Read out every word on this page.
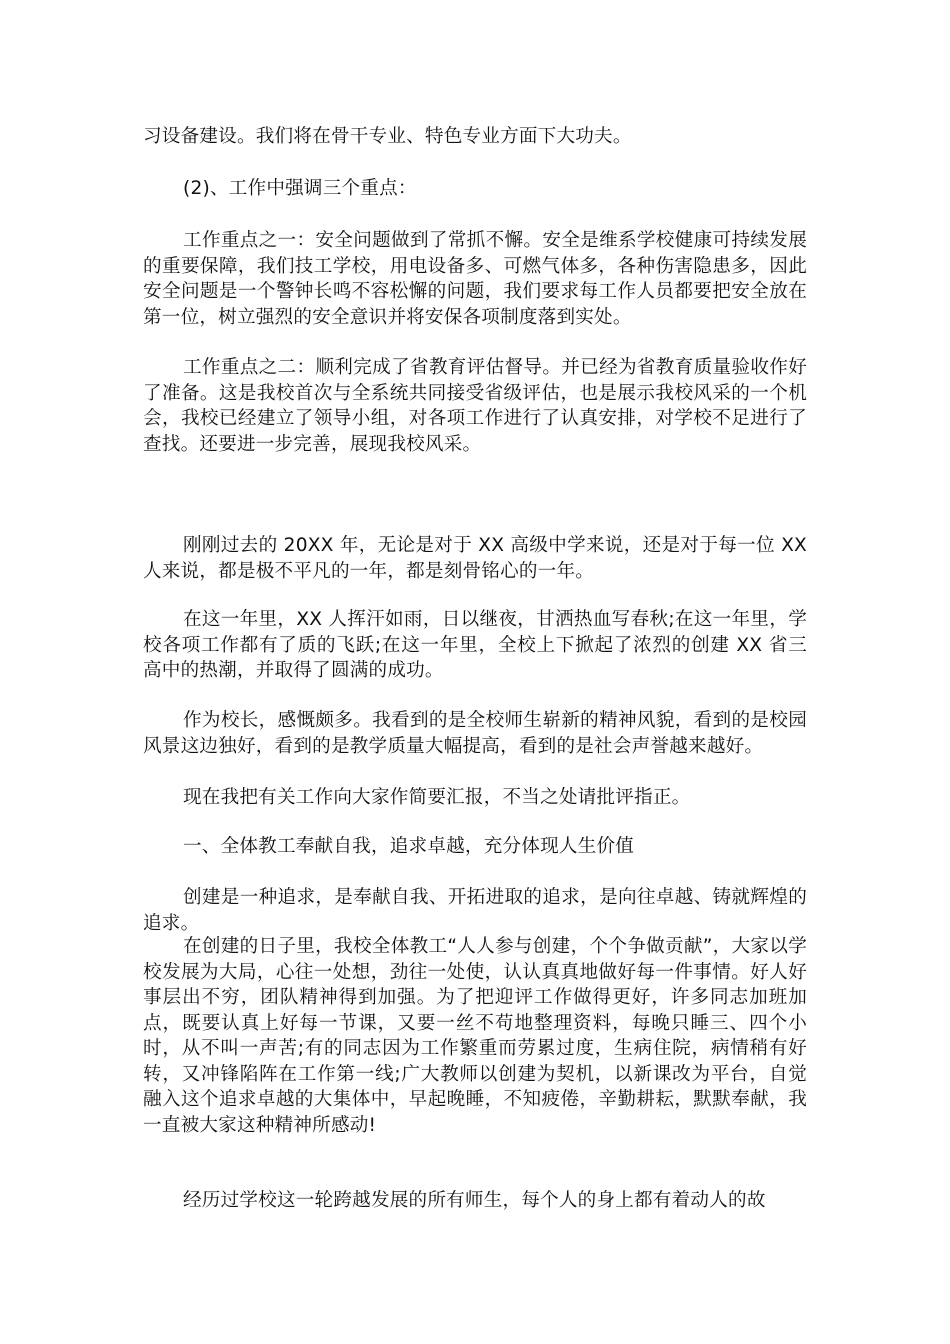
习设备建设。我们将在骨干专业、特色专业方面下大功夫。

(2)、工作中强调三个重点：

工作重点之一：安全问题做到了常抓不懈。安全是维系学校健康可持续发展的重要保障，我们技工学校，用电设备多、可燃气体多，各种伤害隐患多，因此安全问题是一个警钟长鸣不容松懈的问题，我们要求每工作人员都要把安全放在第一位，树立强烈的安全意识并将安保各项制度落到实处。

工作重点之二：顺利完成了省教育评估督导。并已经为省教育质量验收作好了准备。这是我校首次与全系统共同接受省级评估，也是展示我校风采的一个机会，我校已经建立了领导小组，对各项工作进行了认真安排，对学校不足进行了查找。还要进一步完善，展现我校风采。

刚刚过去的 20XX 年，无论是对于 XX 高级中学来说，还是对于每一位 XX 人来说，都是极不平凡的一年，都是刻骨铭心的一年。

在这一年里，XX 人挥汗如雨，日以继夜，甘洒热血写春秋;在这一年里，学校各项工作都有了质的飞跃;在这一年里，全校上下掀起了浓烈的创建 XX 省三高中的热潮，并取得了圆满的成功。

作为校长，感慨颇多。我看到的是全校师生崭新的精神风貌，看到的是校园风景这边独好，看到的是教学质量大幅提高，看到的是社会声誉越来越好。

现在我把有关工作向大家作简要汇报，不当之处请批评指正。

一、全体教工奉献自我，追求卓越，充分体现人生价值

创建是一种追求，是奉献自我、开拓进取的追求，是向往卓越、铸就辉煌的追求。

在创建的日子里，我校全体教工“人人参与创建，个个争做贡献”，大家以学校发展为大局，心往一处想，劲往一处使，认认真真地做好每一件事情。好人好事层出不穷，团队精神得到加强。为了把迎评工作做得更好，许多同志加班加点，既要认真上好每一节课，又要一丝不苟地整理资料，每晚只睡三、四个小时，从不叫一声苦;有的同志因为工作繁重而劳累过度，生病住院，病情稍有好转，又冲锋陷阵在工作第一线;广大教师以创建为契机，以新课改为平台，自觉融入这个追求卓越的大集体中，早起晚睡，不知疲倦，辛勤耕耘，默默奉献，我一直被大家这种精神所感动!

经历过学校这一轮跨越发展的所有师生，每个人的身上都有着动人的故
